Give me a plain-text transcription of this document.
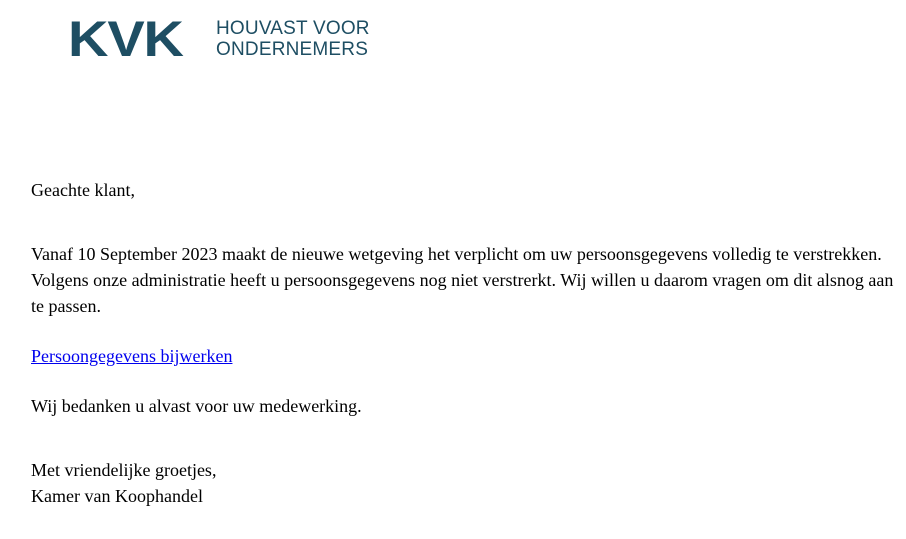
KVK	HOUVAST VOOR
ONDERNEMERS

Geachte klant,

Vanaf 10 September 2023 maakt de nieuwe wetgeving het verplicht om uw persoonsgegevens volledig te verstrekken. Volgens onze administratie heeft u persoonsgegevens nog niet verstrerkt. Wij willen u daarom vragen om dit alsnog aan te passen.

Persoongegevens bijwerken

Wij bedanken u alvast voor uw medewerking.

Met vriendelijke groetjes,

Kamer van Koophandel
